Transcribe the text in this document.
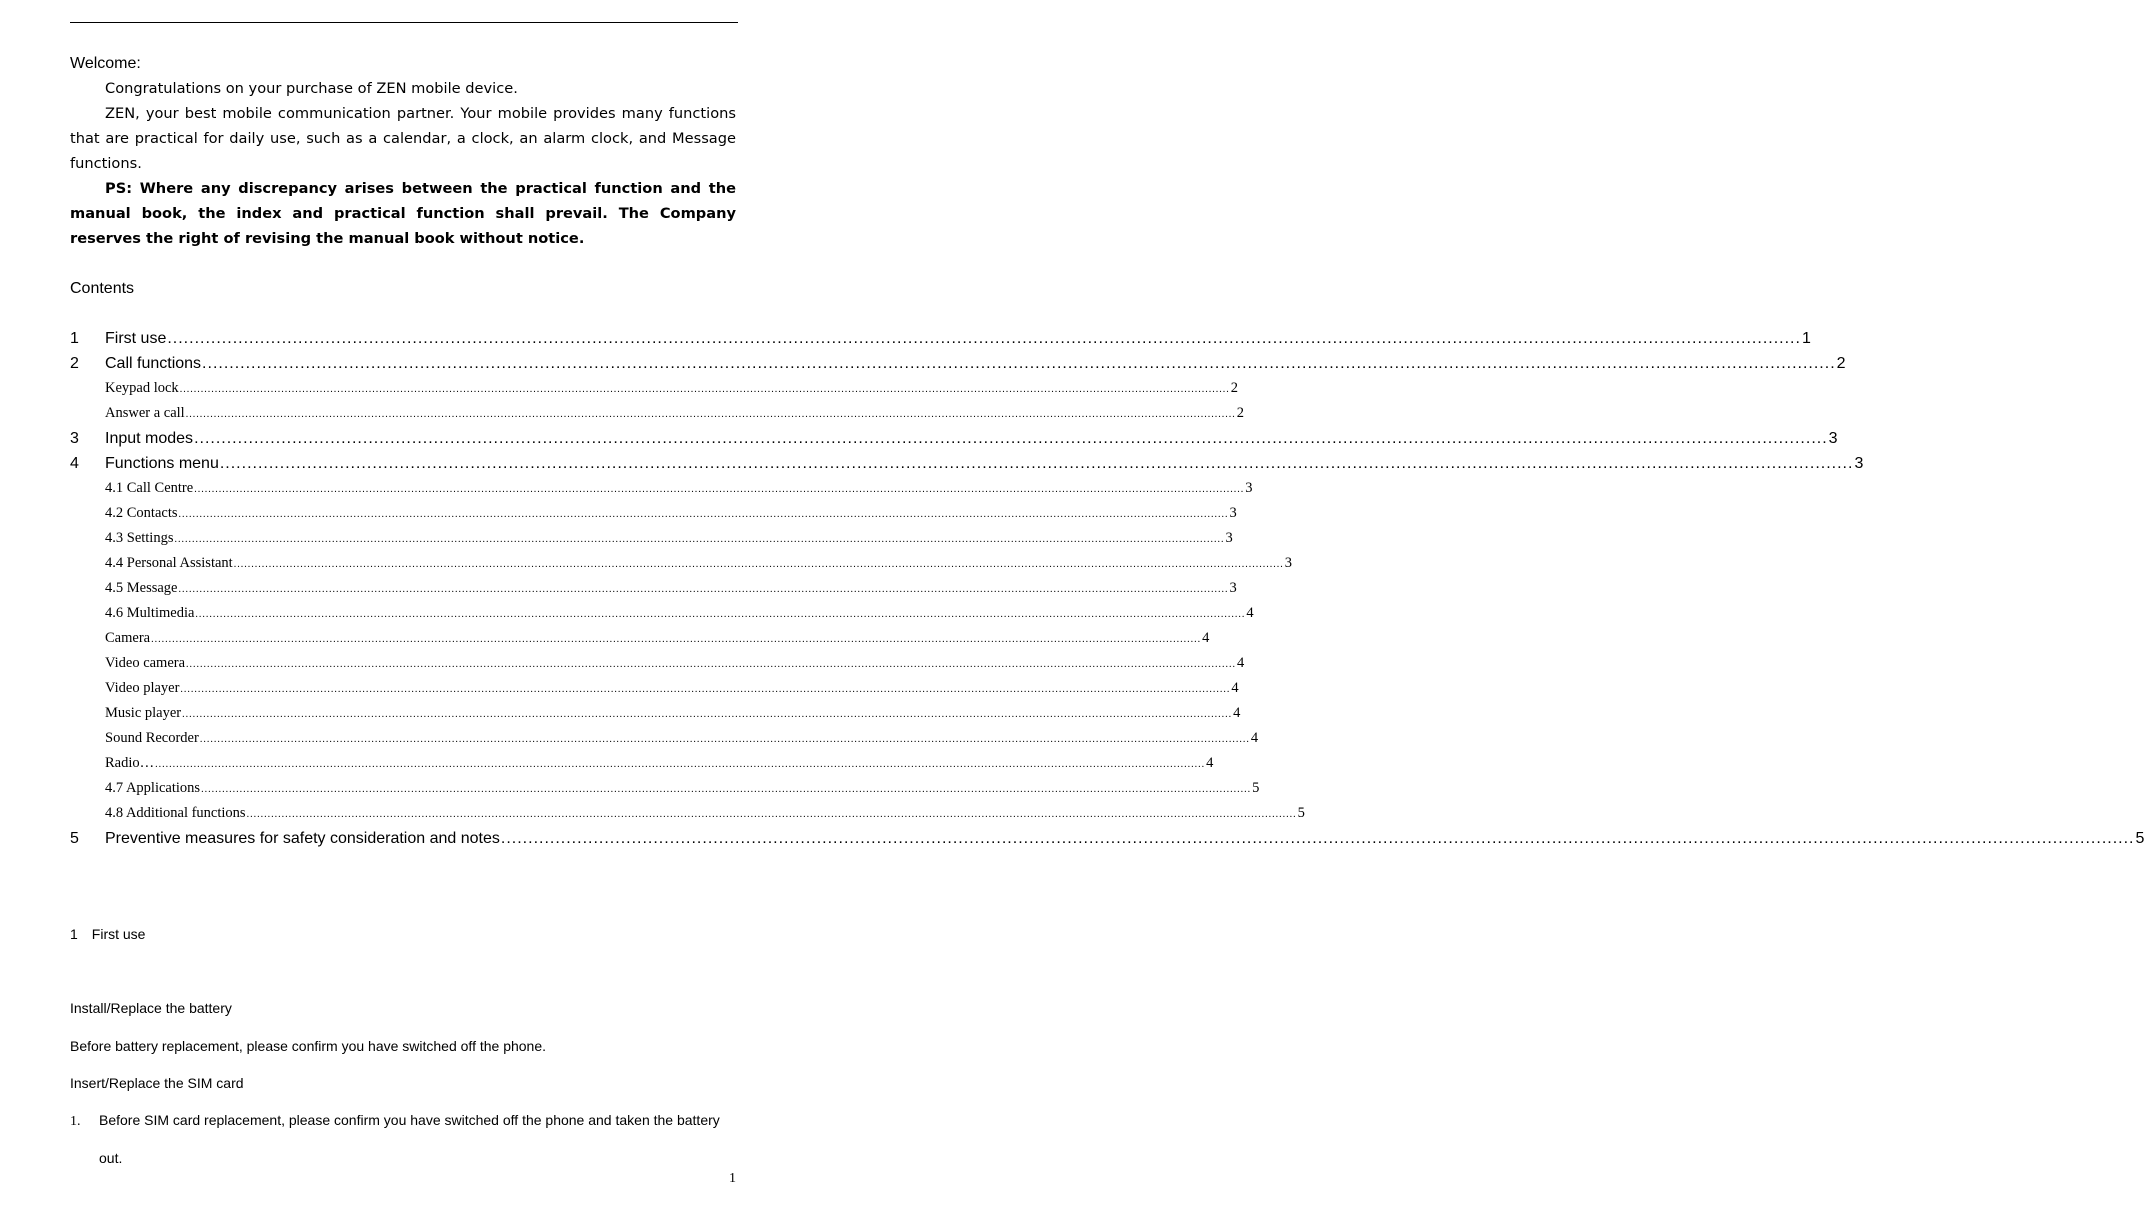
Welcome:
Congratulations on your purchase of ZEN mobile device.
ZEN, your best mobile communication partner. Your mobile provides many functions that are practical for daily use, such as a calendar, a clock, an alarm clock, and Message functions.
PS: Where any discrepancy arises between the practical function and the manual book, the index and practical function shall prevail. The Company reserves the right of revising the manual book without notice.
Contents
1	First use ............................................................................................................................................................................................................................................................................................................ 1
2	Call functions ............................................................................................................................................................................................................................................................................................................ 2
Keypad lock ............................................................................................................................................................................................................................................................................................................ 2
Answer a call ............................................................................................................................................................................................................................................................................................................ 2
3	Input modes ............................................................................................................................................................................................................................................................................................................ 3
4	Functions menu ............................................................................................................................................................................................................................................................................................................ 3
4.1 Call Centre ............................................................................................................................................................................................................................................................................................................ 3
4.2 Contacts ............................................................................................................................................................................................................................................................................................................ 3
4.3 Settings ............................................................................................................................................................................................................................................................................................................ 3
4.4 Personal Assistant ............................................................................................................................................................................................................................................................................................................ 3
4.5 Message ............................................................................................................................................................................................................................................................................................................ 3
4.6 Multimedia ............................................................................................................................................................................................................................................................................................................ 4
Camera ............................................................................................................................................................................................................................................................................................................ 4
Video camera ............................................................................................................................................................................................................................................................................................................ 4
Video player ............................................................................................................................................................................................................................................................................................................ 4
Music player ............................................................................................................................................................................................................................................................................................................ 4
Sound Recorder ............................................................................................................................................................................................................................................................................................................ 4
Radio… ............................................................................................................................................................................................................................................................................................................ 4
4.7 Applications ............................................................................................................................................................................................................................................................................................................ 5
4.8 Additional functions ............................................................................................................................................................................................................................................................................................................ 5
5	Preventive measures for safety consideration and notes ............................................................................................................................................................................................................................................................................................................ 5
1 First use
Install/Replace the battery
Before battery replacement, please confirm you have switched off the phone.
Insert/Replace the SIM card
1. Before SIM card replacement, please confirm you have switched off the phone and taken the battery
out.
1
